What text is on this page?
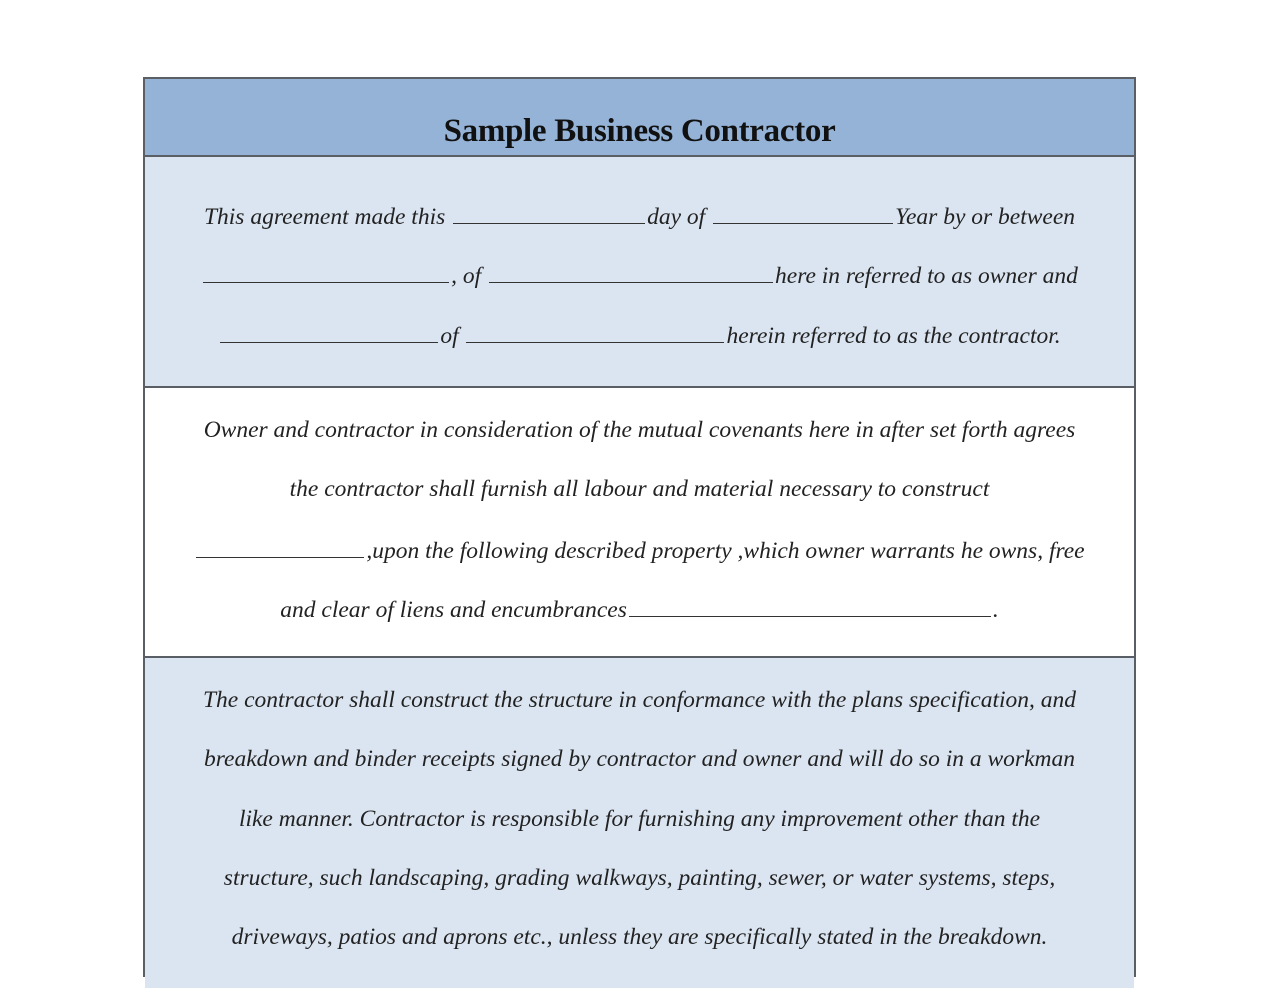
Sample Business Contractor
This agreement made this	day of	Year by or between
, of	here in referred to as owner and
of	herein referred to as the contractor.
Owner and contractor in consideration of the mutual covenants here in after set forth agrees
the contractor shall furnish all labour and material necessary to construct
,upon the following described property ,which owner warrants he owns, free
and clear of liens and encumbrances	.
The contractor shall construct the structure in conformance with the plans specification, and
breakdown and binder receipts signed by contractor and owner and will do so in a workman
like manner. Contractor is responsible for furnishing any improvement other than the
structure, such landscaping, grading walkways, painting, sewer, or water systems, steps,
driveways, patios and aprons etc., unless they are specifically stated in the breakdown.
